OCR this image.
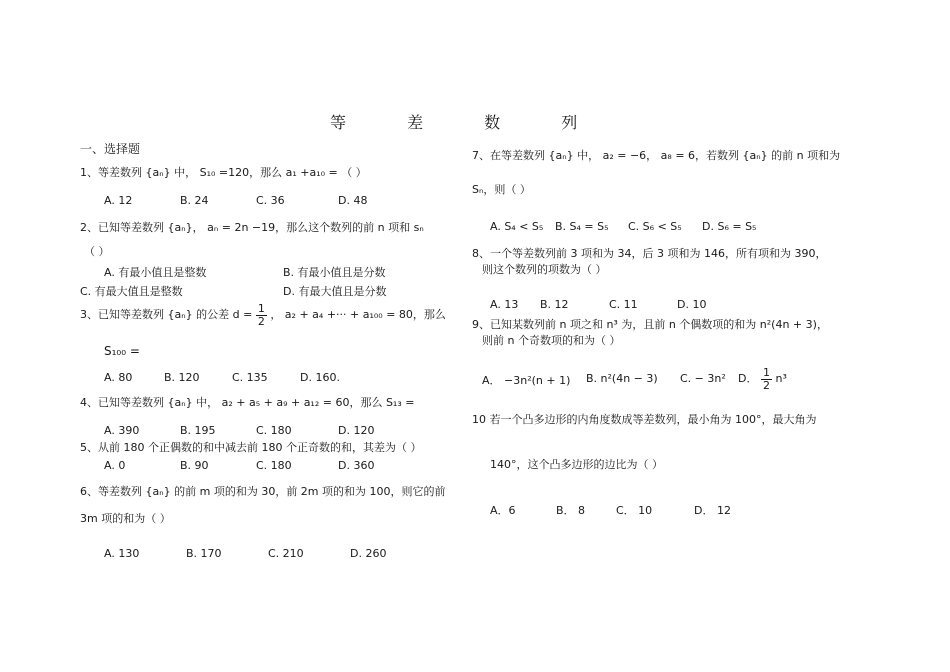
等 差 数 列
一、选择题
1、等差数列 {aₙ} 中， S₁₀ =120，那么 a₁ +a₁₀ = （ ）
A. 12	B. 24	C. 36	D. 48
2、已知等差数列 {aₙ}， aₙ = 2n −19，那么这个数列的前 n 项和 sₙ
（ ）
A. 有最小值且是整数	B. 有最小值且是分数
C. 有最大值且是整数	D. 有最大值且是分数
3、已知等差数列 {aₙ} 的公差 $d = \frac{1}{2}$ ， a₂ + a₄ +··· + a₁₀₀ = 80，那么
S₁₀₀ =
A. 80	B. 120	C. 135	D. 160.
4、已知等差数列 {aₙ} 中， a₂ + a₅ + a₉ + a₁₂ = 60，那么 S₁₃ =
A. 390	B. 195	C. 180	D. 120
5、从前 180 个正偶数的和中减去前 180 个正奇数的和，其差为（ ）
A. 0	B. 90	C. 180	D. 360
6、等差数列 {aₙ} 的前 m 项的和为 30，前 2m 项的和为 100，则它的前
3m 项的和为（ ）
A. 130	B. 170	C. 210	D. 260
7、在等差数列 {aₙ} 中， a₂ = −6， a₈ = 6，若数列 {aₙ} 的前 n 项和为
Sₙ，则（ ）
A. S₄ < S₅ B. S₄ = S₅ C. S₆ < S₅ D. S₆ = S₅
8、一个等差数列前 3 项和为 34，后 3 项和为 146，所有项和为 390，
则这个数列的项数为（ ）
A. 13 B. 12	C. 11	D. 10
9、已知某数列前 n 项之和 n³ 为，且前 n 个偶数项的和为 n²(4n + 3)，
则前 n 个奇数项的和为（ ）
A． −3n²(n + 1) B. n²(4n − 3) C. − 3n² D． $\frac{1}{2} n^3$
10 若一个凸多边形的内角度数成等差数列，最小角为 100°，最大角为
140°，这个凸多边形的边比为（ ）
A．6	B． 8	C． 10	D． 12
